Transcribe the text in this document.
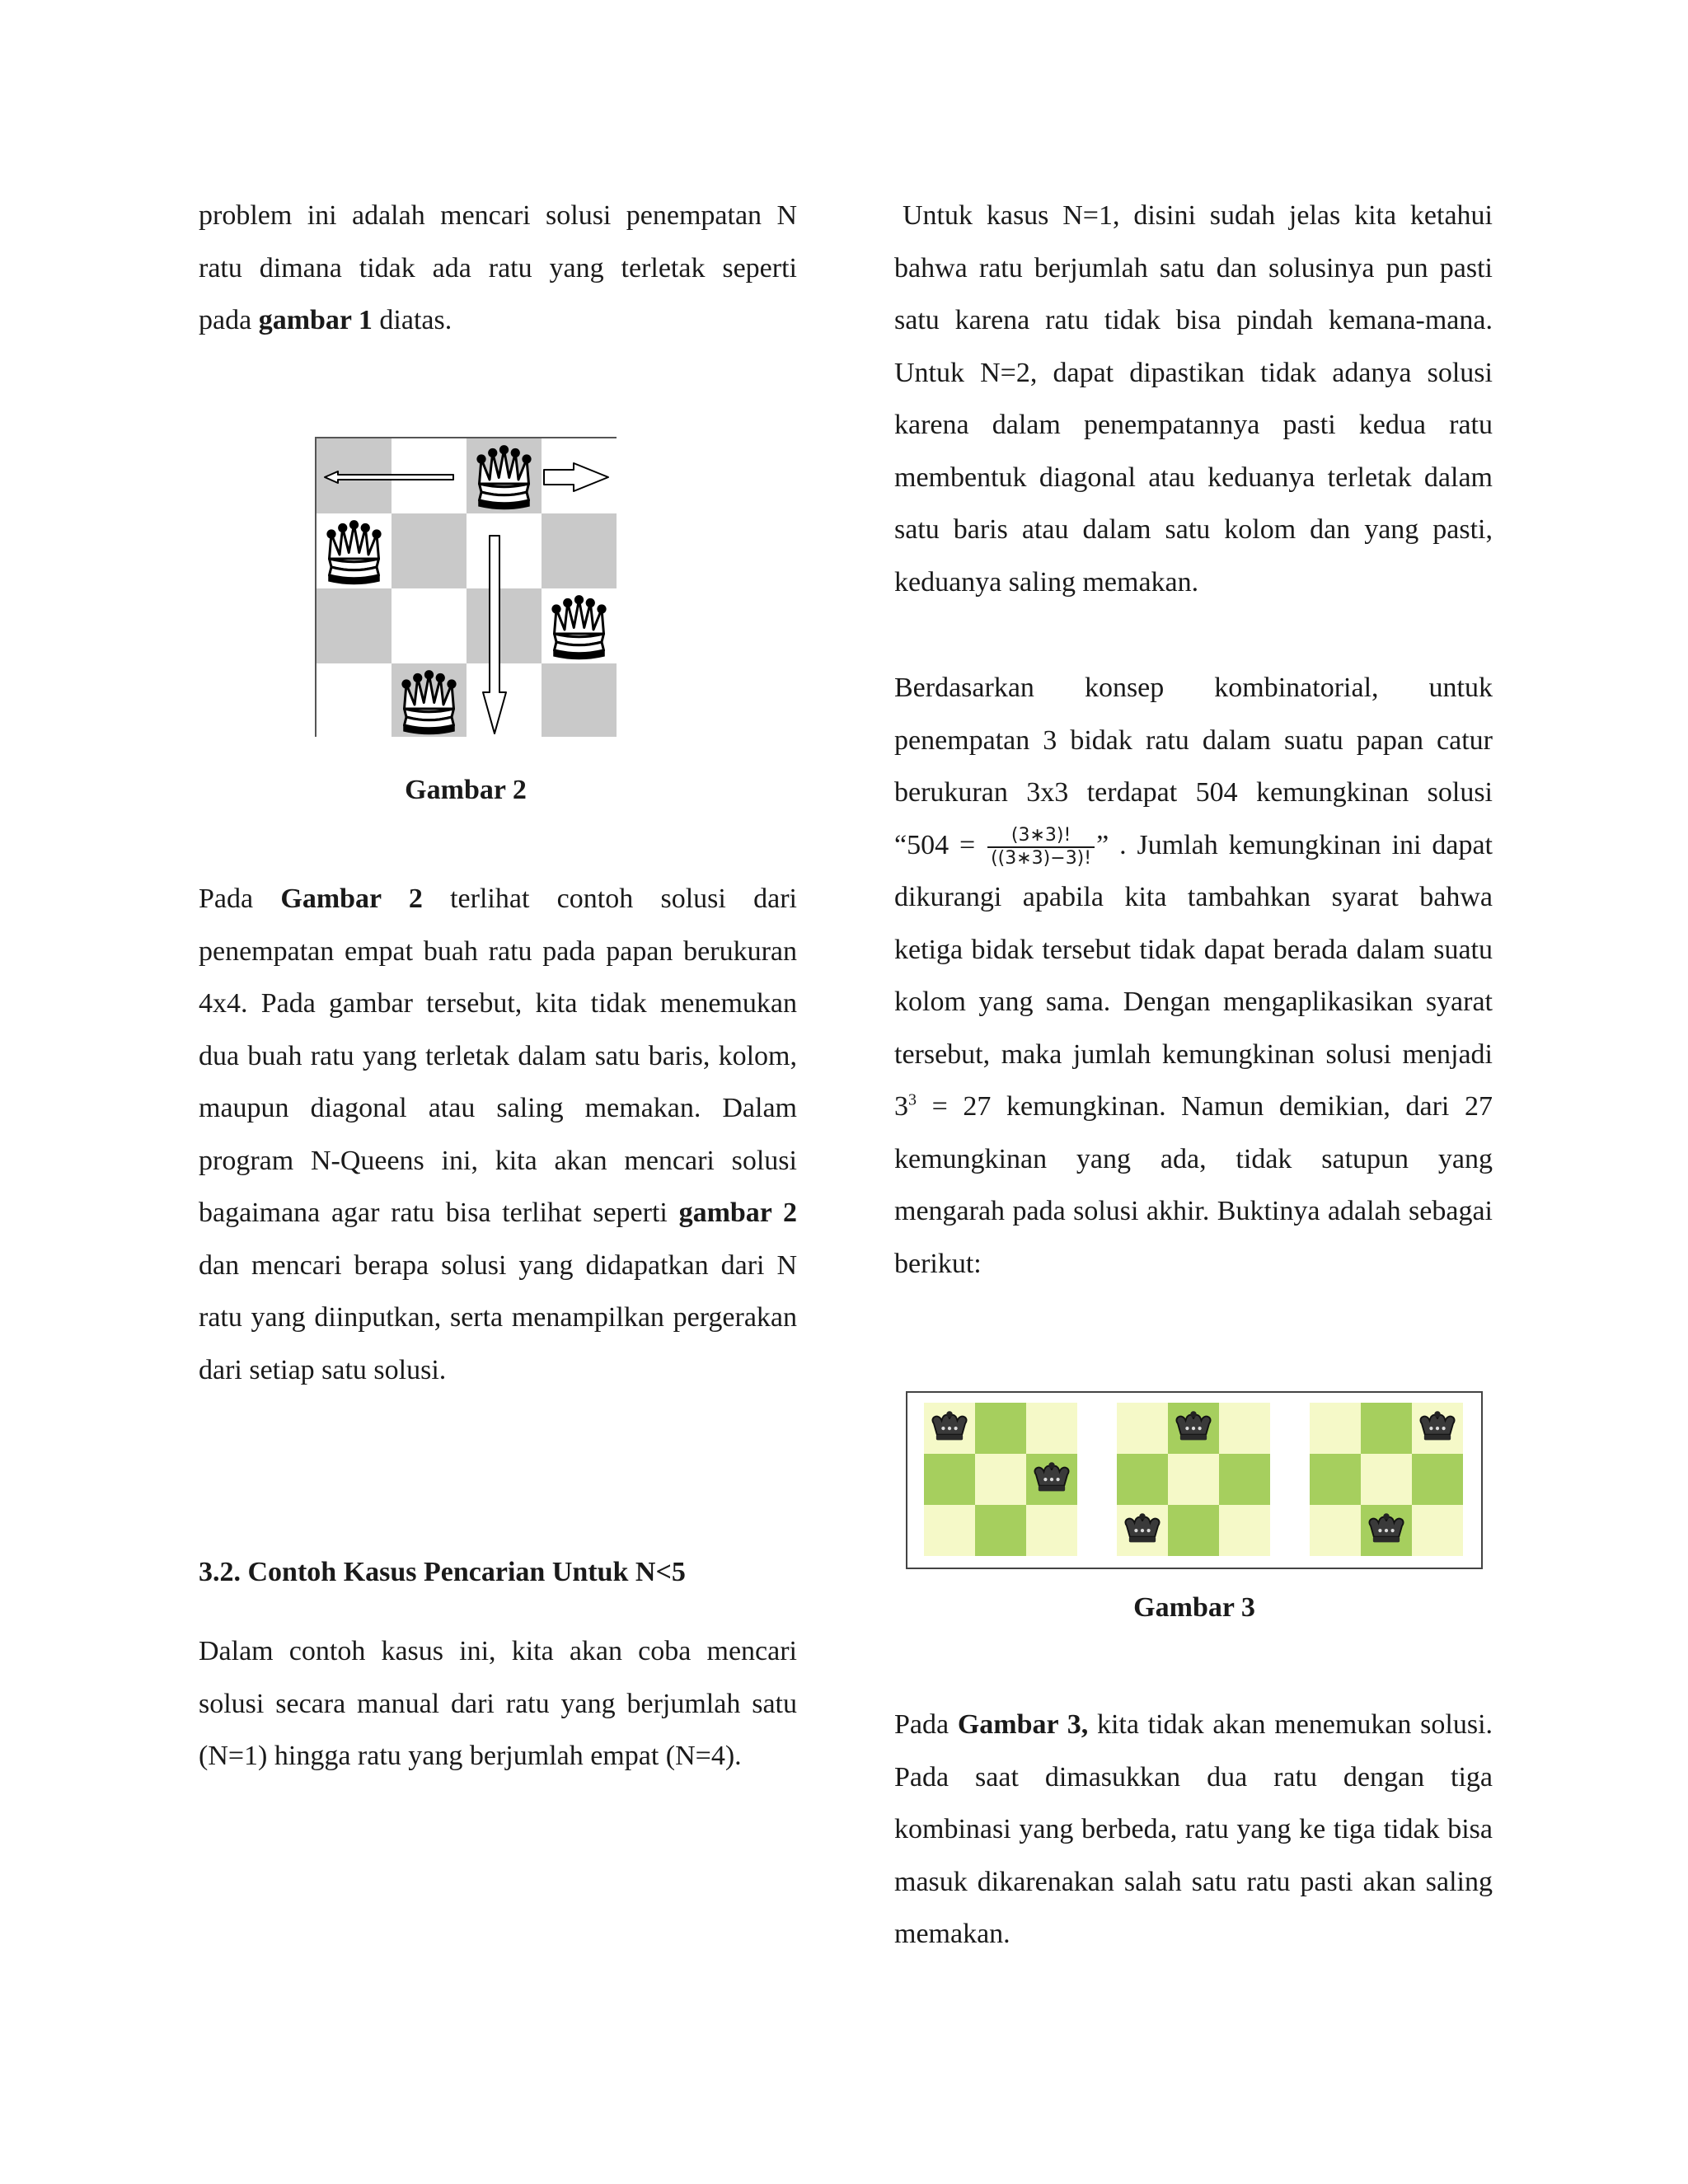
problem ini adalah mencari solusi penempatan N

ratu dimana tidak ada ratu yang terletak seperti

pada gambar 1 diatas.

Gambar 2

Pada Gambar 2 terlihat contoh solusi dari penempatan empat buah ratu pada papan berukuran 4x4. Pada gambar tersebut, kita tidak menemukan dua buah ratu yang terletak dalam satu baris, kolom, maupun diagonal atau saling memakan. Dalam program N-Queens ini, kita akan mencari solusi bagaimana agar ratu bisa terlihat seperti gambar 2 dan mencari berapa solusi yang didapatkan dari N ratu yang diinputkan, serta menampilkan pergerakan dari setiap satu solusi.

3.2. Contoh Kasus Pencarian Untuk N<5

Dalam contoh kasus ini, kita akan coba mencari solusi secara manual dari ratu yang berjumlah satu (N=1) hingga ratu yang berjumlah empat (N=4).

Untuk kasus N=1, disini sudah jelas kita ketahui bahwa ratu berjumlah satu dan solusinya pun pasti satu karena ratu tidak bisa pindah kemana-mana. Untuk N=2, dapat dipastikan tidak adanya solusi karena dalam penempatannya pasti kedua ratu membentuk diagonal atau keduanya terletak dalam satu baris atau dalam satu kolom dan yang pasti, keduanya saling memakan.

Berdasarkan konsep kombinatorial, untuk penempatan 3 bidak ratu dalam suatu papan catur berukuran 3x3 terdapat 504 kemungkinan solusi “$504 = \frac{(3∗3)!}{((3∗3)-3)!}$ ” . Jumlah kemungkinan ini dapat dikurangi apabila kita tambahkan syarat bahwa ketiga bidak tersebut tidak dapat berada dalam suatu kolom yang sama. Dengan mengaplikasikan syarat tersebut, maka jumlah kemungkinan solusi menjadi $3^3 = 27$ kemungkinan. Namun demikian, dari 27 kemungkinan yang ada, tidak satupun yang mengarah pada solusi akhir. Buktinya adalah sebagai berikut:

Gambar 3

Pada Gambar 3, kita tidak akan menemukan solusi. Pada saat dimasukkan dua ratu dengan tiga kombinasi yang berbeda, ratu yang ke tiga tidak bisa masuk dikarenakan salah satu ratu pasti akan saling memakan.
